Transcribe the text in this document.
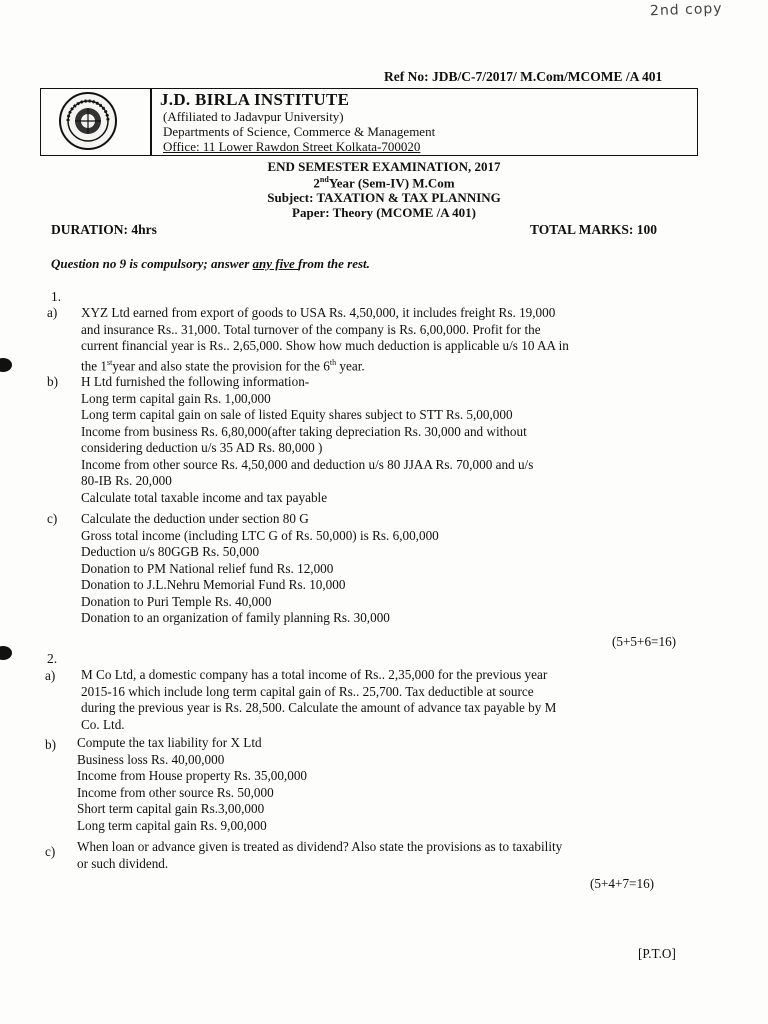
2nd copy
Ref No: JDB/C-7/2017/ M.Com/MCOME /A 401
J.D. BIRLA INSTITUTE
(Affiliated to Jadavpur University)
Departments of Science, Commerce & Management
Office: 11 Lower Rawdon Street Kolkata-700020
END SEMESTER EXAMINATION, 2017
2ndYear (Sem-IV) M.Com
Subject: TAXATION & TAX PLANNING
Paper: Theory (MCOME /A 401)
DURATION: 4hrs	TOTAL MARKS: 100
Question no 9 is compulsory; answer any five from the rest.
1.
a) XYZ Ltd earned from export of goods to USA Rs. 4,50,000, it includes freight Rs. 19,000
and insurance Rs.. 31,000. Total turnover of the company is Rs. 6,00,000. Profit for the
current financial year is Rs.. 2,65,000. Show how much deduction is applicable u/s 10 AA in
the 1styear and also state the provision for the 6th year.
b) H Ltd furnished the following information-
Long term capital gain Rs. 1,00,000
Long term capital gain on sale of listed Equity shares subject to STT Rs. 5,00,000
Income from business Rs. 6,80,000(after taking depreciation Rs. 30,000 and without
considering deduction u/s 35 AD Rs. 80,000 )
Income from other source Rs. 4,50,000 and deduction u/s 80 JJAA Rs. 70,000 and u/s
80-IB Rs. 20,000
Calculate total taxable income and tax payable
c) Calculate the deduction under section 80 G
Gross total income (including LTC G of Rs. 50,000) is Rs. 6,00,000
Deduction u/s 80GGB Rs. 50,000
Donation to PM National relief fund Rs. 12,000
Donation to J.L.Nehru Memorial Fund Rs. 10,000
Donation to Puri Temple Rs. 40,000
Donation to an organization of family planning Rs. 30,000
(5+5+6=16)
2.
a) M Co Ltd, a domestic company has a total income of Rs.. 2,35,000 for the previous year
2015-16 which include long term capital gain of Rs.. 25,700. Tax deductible at source
during the previous year is Rs. 28,500. Calculate the amount of advance tax payable by M
Co. Ltd.
b) Compute the tax liability for X Ltd
Business loss Rs. 40,00,000
Income from House property Rs. 35,00,000
Income from other source Rs. 50,000
Short term capital gain Rs.3,00,000
Long term capital gain Rs. 9,00,000
c) When loan or advance given is treated as dividend? Also state the provisions as to taxability
or such dividend.
(5+4+7=16)
[P.T.O]
